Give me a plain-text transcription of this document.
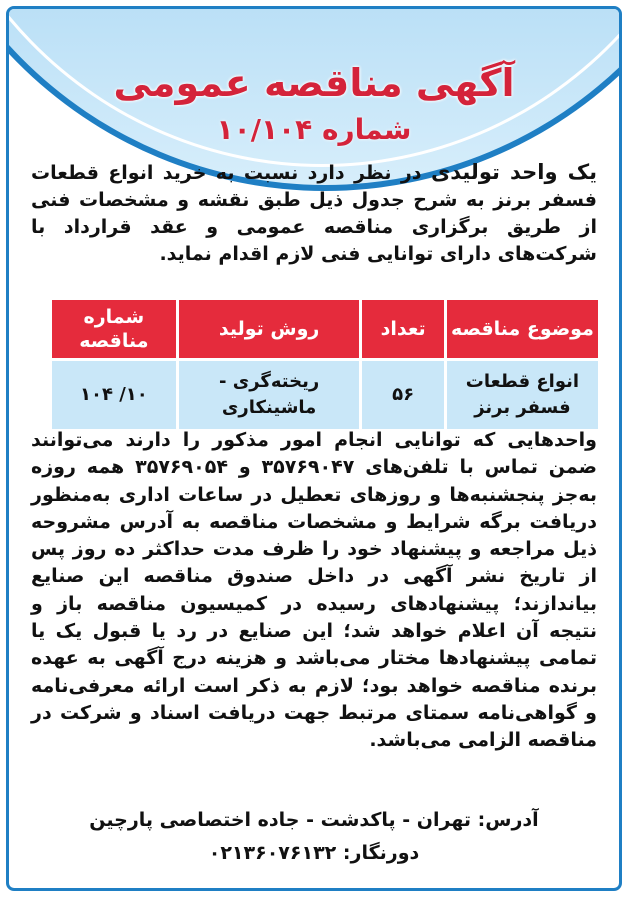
آگهی مناقصه عمومی
شماره ۱۰/۱۰۴
یک واحد تولیدی در نظر دارد نسبت به خرید انواع قطعات فسفر برنز به شرح جدول ذیل طبق نقشه و مشخصات فنی از طریق برگزاری مناقصه عمومی و عقد قرارداد با شرکت‌های دارای توانایی فنی لازم اقدام نماید.
موضوع مناقصه	تعداد	روش تولید	شماره مناقصه
انواع قطعات فسفر برنز	۵۶	ریخته‌گری - ماشینکاری	۱۰/ ۱۰۴
واحدهایی که توانایی انجام امور مذکور را دارند می‌توانند ضمن تماس با تلفن‌های ۳۵۷۶۹۰۴۷ و ۳۵۷۶۹۰۵۴ همه روزه به‌جز پنجشنبه‌ها و روزهای تعطیل در ساعات اداری به‌منظور دریافت برگه شرایط و مشخصات مناقصه به آدرس مشروحه ذیل مراجعه و پیشنهاد خود را ظرف مدت حداکثر ده روز پس از تاریخ نشر آگهی در داخل صندوق مناقصه این صنایع بیاندازند؛ پیشنهادهای رسیده در کمیسیون مناقصه باز و نتیجه آن اعلام خواهد شد؛ این صنایع در رد یا قبول یک یا تمامی پیشنهادها مختار می‌باشد و هزینه درج آگهی به عهده برنده مناقصه خواهد بود؛ لازم به ذکر است ارائه معرفی‌نامه و گواهی‌نامه سمتای مرتبط جهت دریافت اسناد و شرکت در مناقصه الزامی می‌باشد.
آدرس: تهران - پاکدشت - جاده اختصاصی پارچین
دورنگار: ۰۲۱۳۶۰۷۶۱۳۲
